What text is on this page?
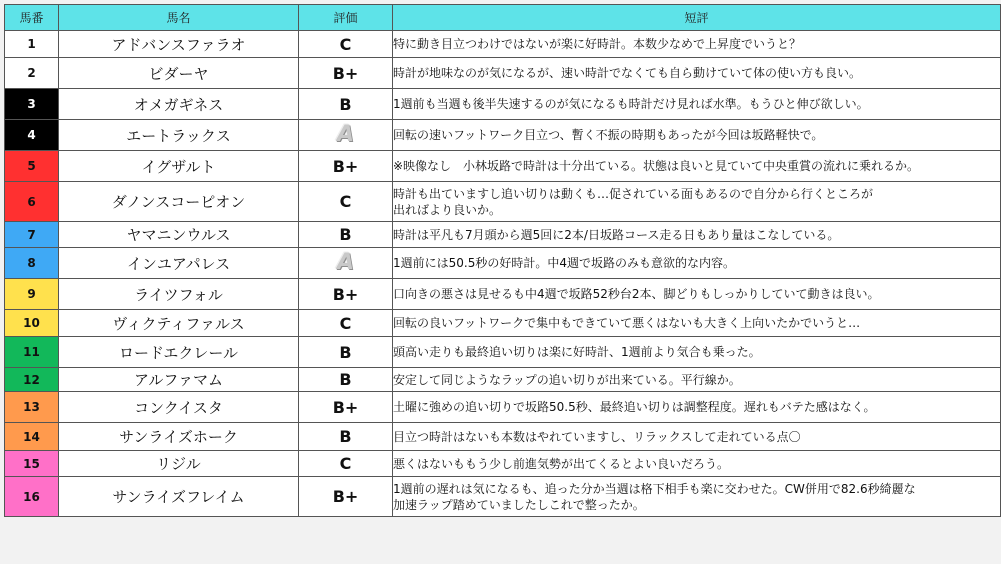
馬番	馬名	評価	短評
1	アドバンスファラオ	C	特に動き目立つわけではないが楽に好時計。本数少なめで上昇度でいうと？

2	ビダーヤ	B+	時計が地味なのが気になるが、速い時計でなくても自ら動けていて体の使い方も良い。

3	オメガギネス	B	1週前も当週も後半失速するのが気になるも時計だけ見れば水準。もうひと伸び欲しい。

4	エートラックス	A	回転の速いフットワーク目立つ、暫く不振の時期もあったが今回は坂路軽快で。

5	イグザルト	B+	※映像なし　小林坂路で時計は十分出ている。状態は良いと見ていて中央重賞の流れに乗れるか。

6	ダノンスコーピオン	C	時計も出ていますし追い切りは動くも…促されている面もあるので自分から行くところが
出ればより良いか。

7	ヤマニンウルス	B	時計は平凡も7月頭から週5回に2本/日坂路コース走る日もあり量はこなしている。

8	インユアパレス	A	1週前には50.5秒の好時計。中4週で坂路のみも意欲的な内容。

9	ライツフォル	B+	口向きの悪さは見せるも中4週で坂路52秒台2本、脚どりもしっかりしていて動きは良い。

10	ヴィクティファルス	C	回転の良いフットワークで集中もできていて悪くはないも大きく上向いたかでいうと…

11	ロードエクレール	B	頭高い走りも最終追い切りは楽に好時計、1週前より気合も乗った。

12	アルファマム	B	安定して同じようなラップの追い切りが出来ている。平行線か。

13	コンクイスタ	B+	土曜に強めの追い切りで坂路50.5秒、最終追い切りは調整程度。遅れもバテた感はなく。

14	サンライズホーク	B	目立つ時計はないも本数はやれていますし、リラックスして走れている点〇

15	リジル	C	悪くはないももう少し前進気勢が出てくるとよい良いだろう。

16	サンライズフレイム	B+	1週前の遅れは気になるも、追った分か当週は格下相手も楽に交わせた。CW併用で82.6秒綺麗な
加速ラップ踏めていましたしこれで整ったか。
